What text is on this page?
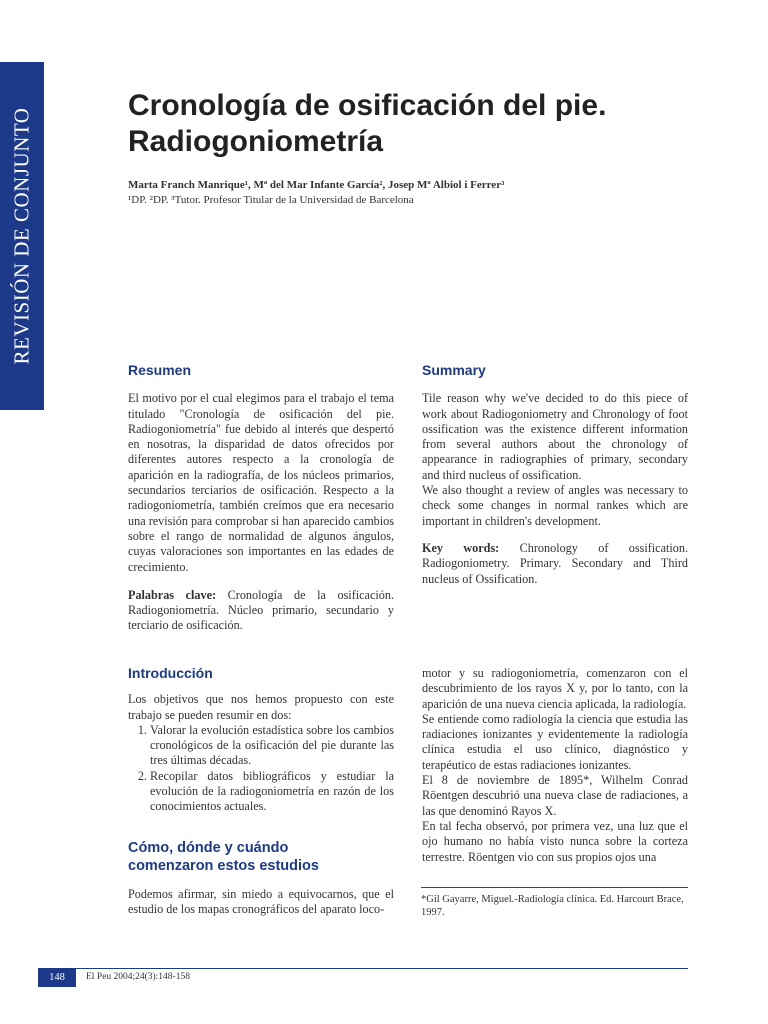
REVISIÓN DE CONJUNTO
Cronología de osificación del pie.
Radiogoniometría
Marta Franch Manrique¹, Mª del Mar Infante García², Josep Mª Albiol i Ferrer³
¹DP. ²DP. ³Tutor. Profesor Titular de la Universidad de Barcelona
Resumen

El motivo por el cual elegimos para el trabajo el tema titulado "Cronología de osificación del pie. Radiogoniometría" fue debido al interés que despertó en nosotras, la disparidad de datos ofrecidos por diferentes autores respecto a la cronología de aparición en la radiografía, de los núcleos primarios, secundarios terciarios de osificación. Respecto a la radiogoniometría, también creímos que era necesario una revisión para comprobar si han aparecido cambios sobre el rango de normalidad de algunos ángulos, cuyas valoraciones son importantes en las edades de crecimiento.

Palabras clave: Cronología de la osificación. Radiogoniometría. Núcleo primario, secundario y terciario de osificación.

Summary

Tile reason why we've decided to do this piece of work about Radiogoniometry and Chronology of foot ossification was the existence different information from several authors about the chronology of appearance in radiographies of primary, secondary and third nucleus of ossification.

We also thought a review of angles was necessary to check some changes in normal rankes which are important in children's development.

Key words: Chronology of ossification. Radiogoniometry. Primary. Secondary and Third nucleus of Ossification.

Introducción

Los objetivos que nos hemos propuesto con este trabajo se pueden resumir en dos:

1. Valorar la evolución estadística sobre los cambios cronológicos de la osificación del pie durante las tres últimas décadas.
2. Recopilar datos bibliográficos y estudiar la evolución de la radiogoniometría en razón de los conocimientos actuales.
Cómo, dónde y cuándo
comenzaron estos estudios

Podemos afirmar, sin miedo a equivocarnos, que el estudio de los mapas cronográficos del aparato loco-

motor y su radiogoniometría, comenzaron con el descubrimiento de los rayos X y, por lo tanto, con la aparición de una nueva ciencia aplicada, la radiología.

Se entiende como radiología la ciencia que estudia las radiaciones ionizantes y evidentemente la radiología clínica estudia el uso clínico, diagnóstico y terapéutico de estas radiaciones ionizantes.

El 8 de noviembre de 1895*, Wilhelm Conrad Röentgen descubrió una nueva clase de radiaciones, a las que denominó Rayos X.

En tal fecha observó, por primera vez, una luz que el ojo humano no había visto nunca sobre la corteza terrestre. Röentgen vio con sus propios ojos una

*Gil Gayarre, Miguel.-Radiología clínica. Ed. Harcourt Brace, 1997.
148	El Peu 2004;24(3):148-158
